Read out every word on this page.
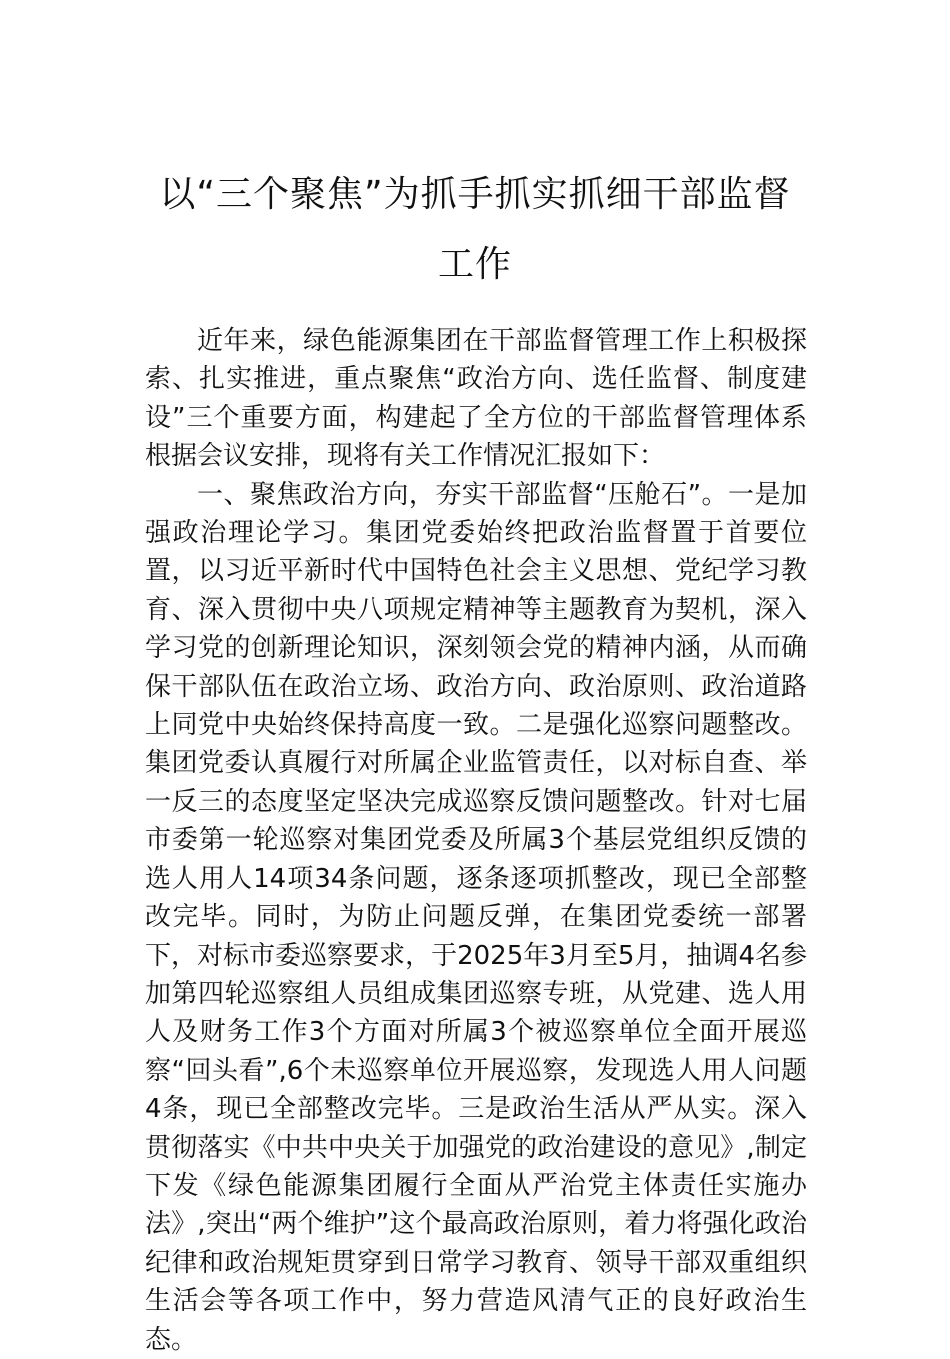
以“三个聚焦”为抓手抓实抓细干部监督
工作

近年来，绿色能源集团在干部监督管理工作上积极探索、扎实推进，重点聚焦“政治方向、选任监督、制度建设”三个重要方面，构建起了全方位的干部监督管理体系根据会议安排，现将有关工作情况汇报如下：

一、聚焦政治方向，夯实干部监督“压舱石”。一是加强政治理论学习。集团党委始终把政治监督置于首要位置，以习近平新时代中国特色社会主义思想、党纪学习教育、深入贯彻中央八项规定精神等主题教育为契机，深入学习党的创新理论知识，深刻领会党的精神内涵，从而确保干部队伍在政治立场、政治方向、政治原则、政治道路上同党中央始终保持高度一致。二是强化巡察问题整改。集团党委认真履行对所属企业监管责任，以对标自查、举一反三的态度坚定坚决完成巡察反馈问题整改。针对七届市委第一轮巡察对集团党委及所属3个基层党组织反馈的选人用人14项34条问题，逐条逐项抓整改，现已全部整改完毕。同时，为防止问题反弹，在集团党委统一部署下，对标市委巡察要求，于2025年3月至5月，抽调4名参加第四轮巡察组人员组成集团巡察专班，从党建、选人用人及财务工作3个方面对所属3个被巡察单位全面开展巡察“回头看”,6个未巡察单位开展巡察，发现选人用人问题4条，现已全部整改完毕。三是政治生活从严从实。深入贯彻落实《中共中央关于加强党的政治建设的意见》,制定下发《绿色能源集团履行全面从严治党主体责任实施办法》,突出“两个维护”这个最高政治原则，着力将强化政治纪律和政治规矩贯穿到日常学习教育、领导干部双重组织生活会等各项工作中，努力营造风清气正的良好政治生态。
